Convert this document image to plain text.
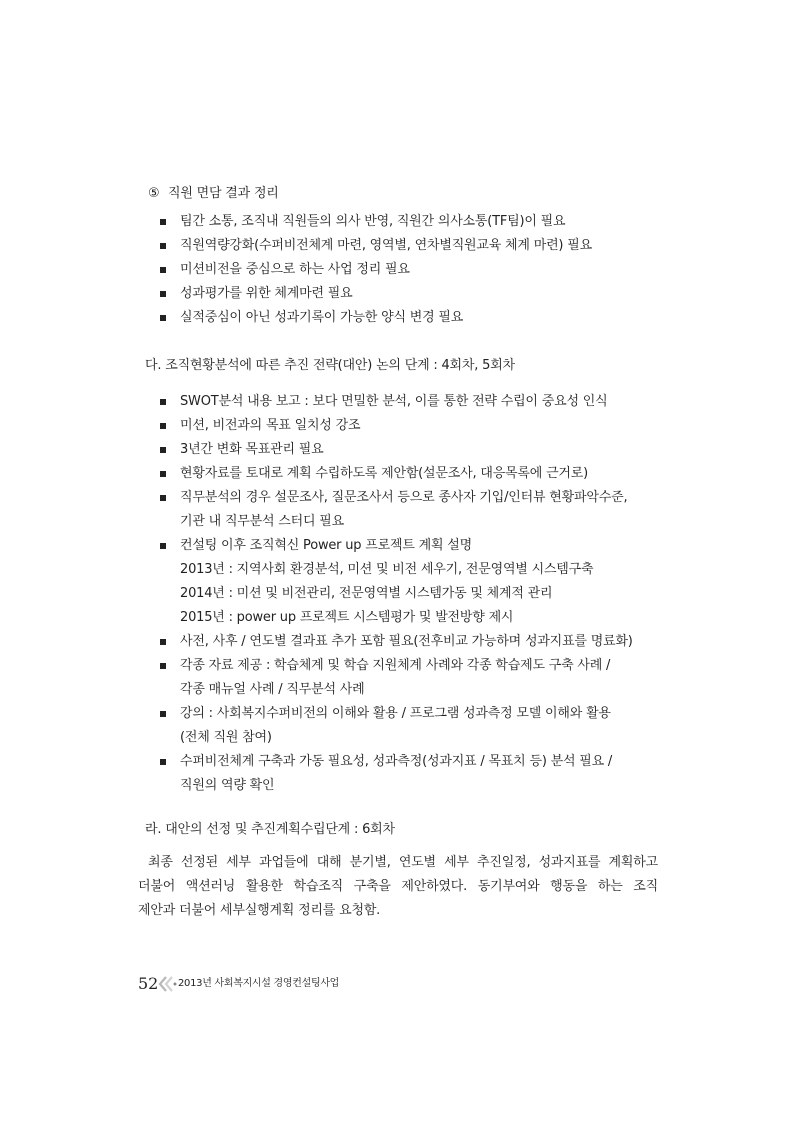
⑤ 직원 면담 결과 정리
팀간 소통, 조직내 직원들의 의사 반영, 직원간 의사소통(TF팀)이 필요
직원역량강화(수퍼비전체계 마련, 영역별, 연차별직원교육 체계 마련) 필요
미션비전을 중심으로 하는 사업 정리 필요
성과평가를 위한 체계마련 필요
실적중심이 아닌 성과기록이 가능한 양식 변경 필요
다. 조직현황분석에 따른 추진 전략(대안) 논의 단계 : 4회차, 5회차
SWOT분석 내용 보고 : 보다 면밀한 분석, 이를 통한 전략 수립이 중요성 인식
미션, 비전과의 목표 일치성 강조
3년간 변화 목표관리 필요
현황자료를 토대로 계획 수립하도록 제안함(설문조사, 대응목록에 근거로)
직무분석의 경우 설문조사, 질문조사서 등으로 종사자 기입/인터뷰 현황파악수준,
기관 내 직무분석 스터디 필요
컨설팅 이후 조직혁신 Power up 프로젝트 계획 설명
2013년 : 지역사회 환경분석, 미션 및 비전 세우기, 전문영역별 시스템구축
2014년 : 미션 및 비전관리, 전문영역별 시스템가동 및 체계적 관리
2015년 : power up 프로젝트 시스템평가 및 발전방향 제시
사전, 사후 / 연도별 결과표 추가 포함 필요(전후비교 가능하며 성과지표를 명료화)
각종 자료 제공 : 학습체계 및 학습 지원체계 사례와 각종 학습제도 구축 사례 /
각종 매뉴얼 사례 / 직무분석 사례
강의 : 사회복지수퍼비전의 이해와 활용 / 프로그램 성과측정 모델 이해와 활용
(전체 직원 참여)
수퍼비전체계 구축과 가동 필요성, 성과측정(성과지표 / 목표치 등) 분석 필요 /
직원의 역량 확인
라. 대안의 선정 및 추진계획수립단계 : 6회차
최종 선정된 세부 과업들에 대해 분기별, 연도별 세부 추진일정, 성과지표를 계획하고
더불어 액션러닝 활용한 학습조직 구축을 제안하였다. 동기부여와 행동을 하는 조직
제안과 더불어 세부실행계획 정리를 요청함.
52 2013년 사회복지시설 경영컨설팅사업
